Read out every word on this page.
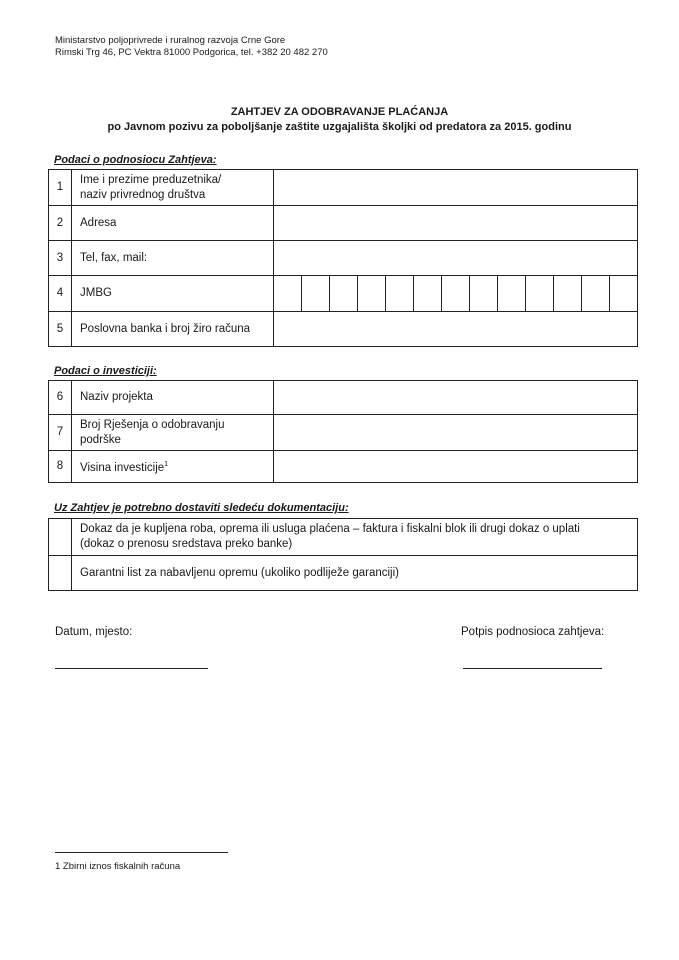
Ministarstvo poljoprivrede i ruralnog razvoja Crne Gore
Rimski Trg 46, PC Vektra 81000 Podgorica, tel. +382 20 482 270
ZAHTJEV ZA ODOBRAVANJE PLAĆANJA
po Javnom pozivu za poboljšanje zaštite uzgajališta školjki od predatora za 2015. godinu
Podaci o podnosiocu Zahtjeva:
1	Ime i prezime preduzetnika/
naziv privrednog društva	

2	Adresa	
3	Tel, fax, mail:	
4	JMBG	

5	Poslovna banka i broj žiro računa	
Podaci o investiciji:
6	Naziv projekta	
7	Broj Rješenja o odobravanju
podrške	

8	Visina investicije$^1$	
Uz Zahtjev je potrebno dostaviti sledeću dokumentaciju:

	Dokaz da je kupljena roba, oprema ili usluga plaćena – faktura i fiskalni blok ili drugi dokaz o uplati
(dokaz o prenosu sredstava preko banke)

	Garantni list za nabavljenu opremu (ukoliko podliježe garanciji)
Datum, mjesto:	Potpis podnosioca zahtjeva:
1 Zbirni iznos fiskalnih računa
